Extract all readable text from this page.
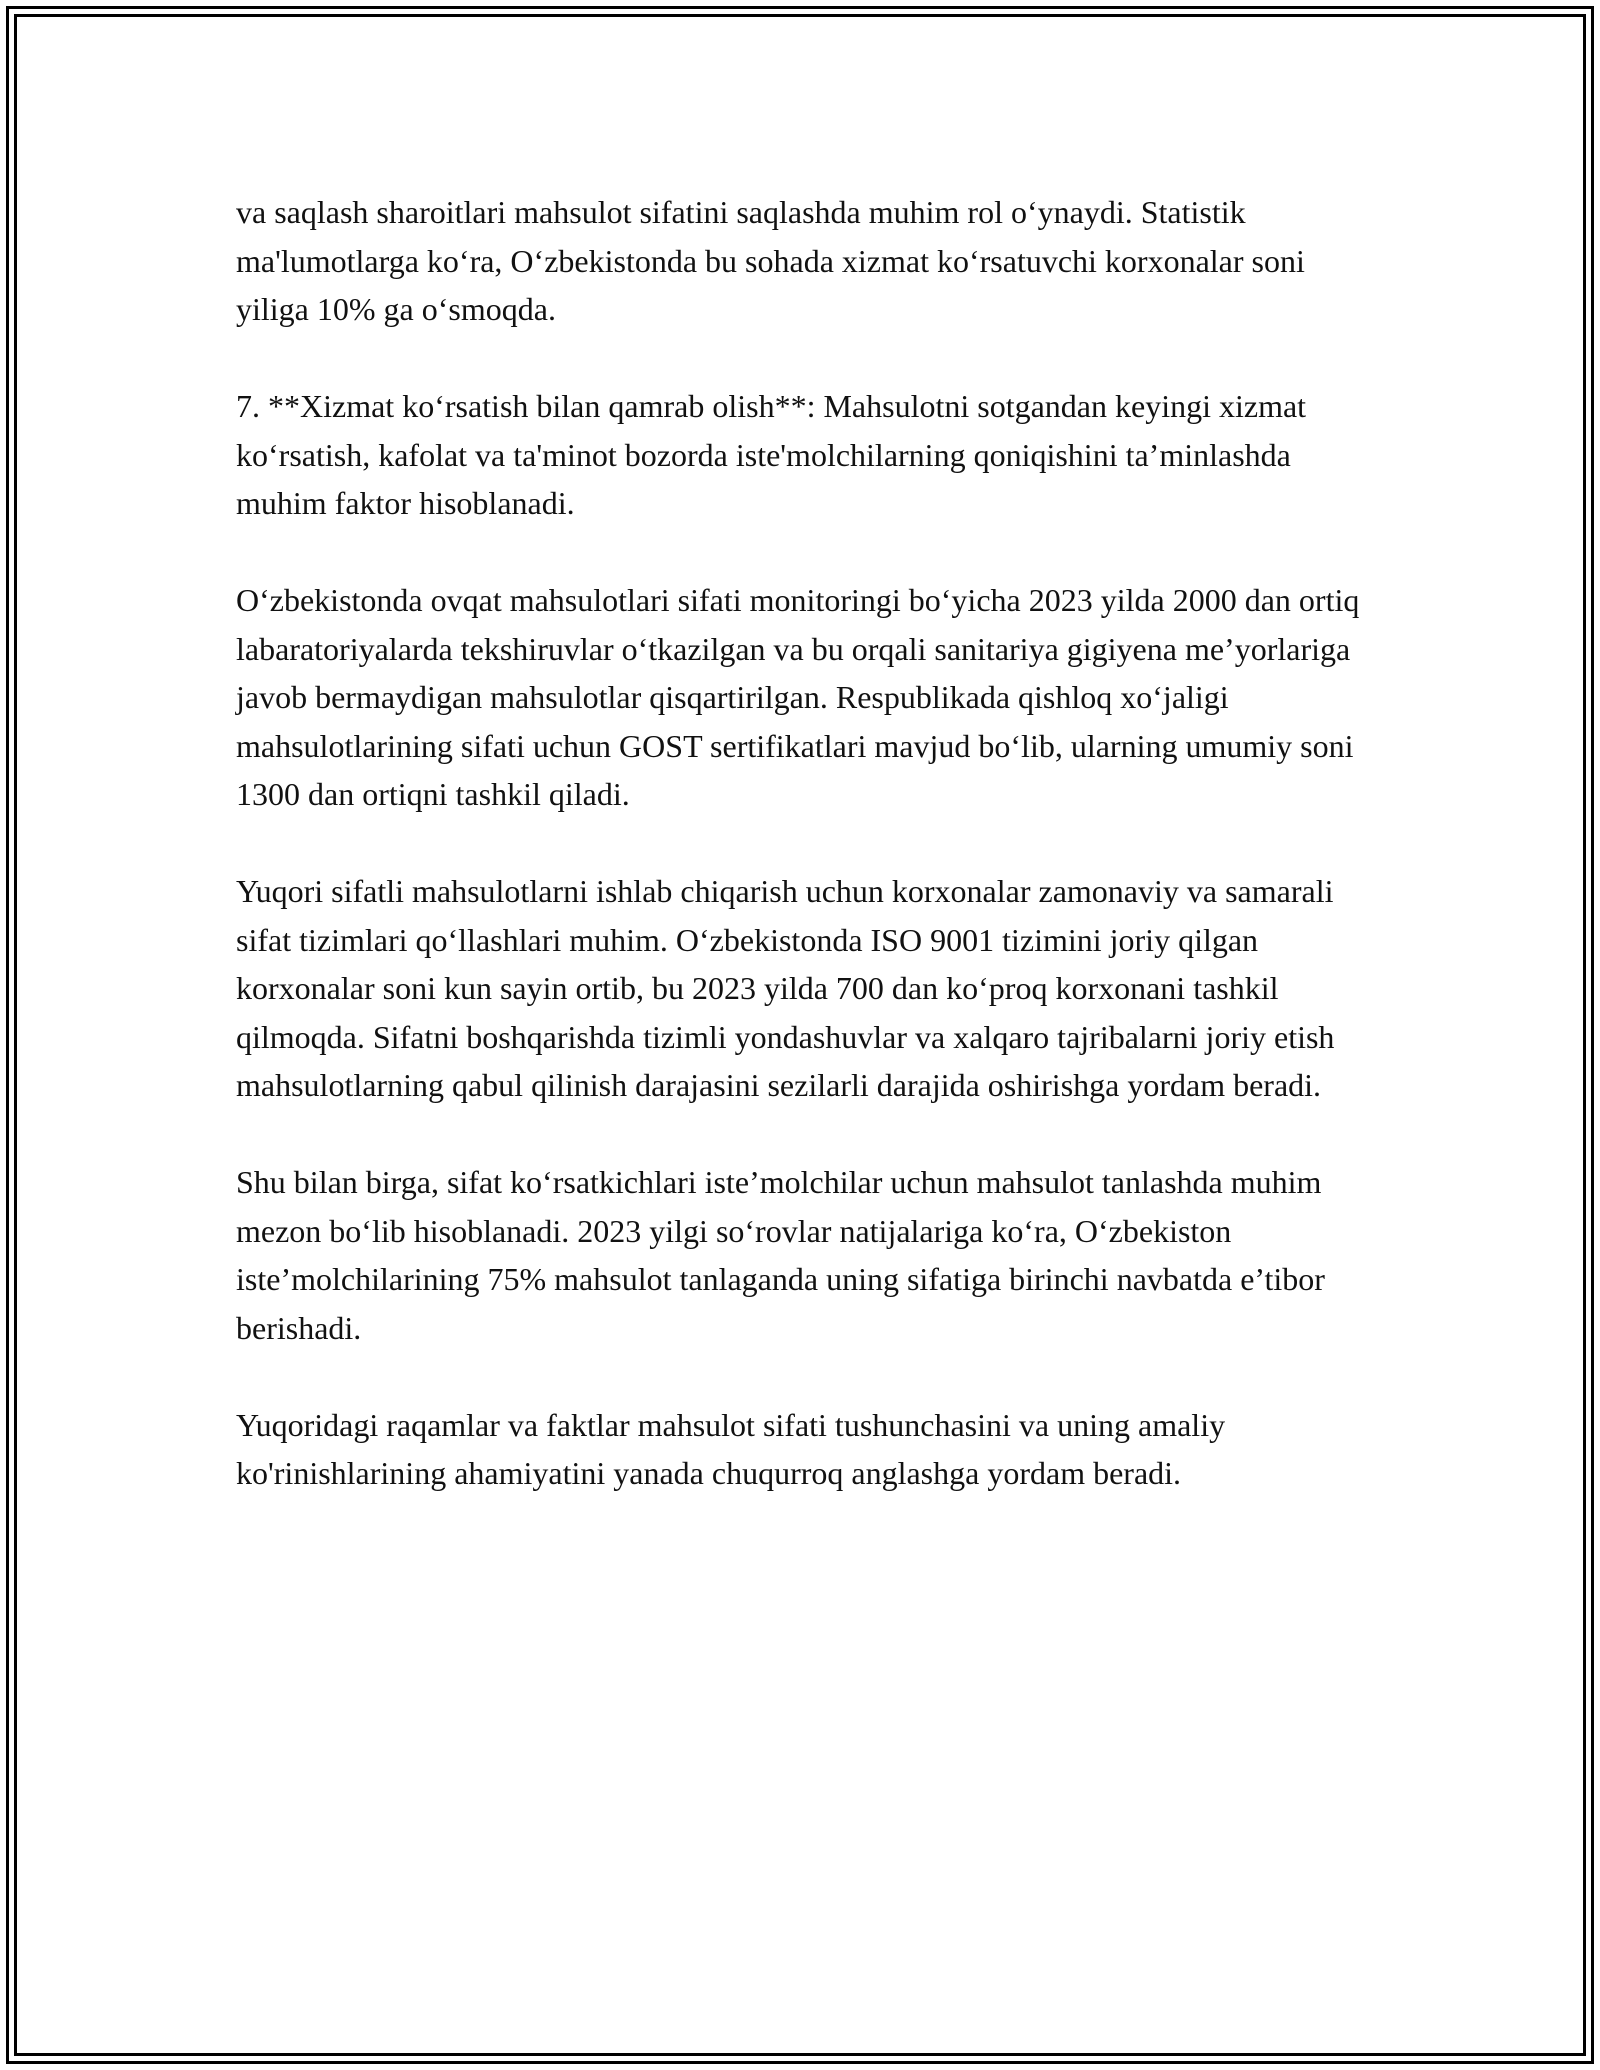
va saqlash sharoitlari mahsulot sifatini saqlashda muhim rol o‘ynaydi. Statistik ma'lumotlarga ko‘ra, O‘zbekistonda bu sohada xizmat ko‘rsatuvchi korxonalar soni yiliga 10% ga o‘smoqda.

7. **Xizmat ko‘rsatish bilan qamrab olish**: Mahsulotni sotgandan keyingi xizmat ko‘rsatish, kafolat va ta'minot bozorda iste'molchilarning qoniqishini ta’minlashda muhim faktor hisoblanadi.

O‘zbekistonda ovqat mahsulotlari sifati monitoringi bo‘yicha 2023 yilda 2000 dan ortiq labaratoriyalarda tekshiruvlar o‘tkazilgan va bu orqali sanitariya gigiyena me’yorlariga javob bermaydigan mahsulotlar qisqartirilgan. Respublikada qishloq xo‘jaligi mahsulotlarining sifati uchun GOST sertifikatlari mavjud bo‘lib, ularning umumiy soni 1300 dan ortiqni tashkil qiladi.

Yuqori sifatli mahsulotlarni ishlab chiqarish uchun korxonalar zamonaviy va samarali sifat tizimlari qo‘llashlari muhim. O‘zbekistonda ISO 9001 tizimini joriy qilgan korxonalar soni kun sayin ortib, bu 2023 yilda 700 dan ko‘proq korxonani tashkil qilmoqda. Sifatni boshqarishda tizimli yondashuvlar va xalqaro tajribalarni joriy etish mahsulotlarning qabul qilinish darajasini sezilarli darajida oshirishga yordam beradi.

Shu bilan birga, sifat ko‘rsatkichlari iste’molchilar uchun mahsulot tanlashda muhim mezon bo‘lib hisoblanadi. 2023 yilgi so‘rovlar natijalariga ko‘ra, O‘zbekiston iste’molchilarining 75% mahsulot tanlaganda uning sifatiga birinchi navbatda e’tibor berishadi.

Yuqoridagi raqamlar va faktlar mahsulot sifati tushunchasini va uning amaliy ko'rinishlarining ahamiyatini yanada chuqurroq anglashga yordam beradi.
